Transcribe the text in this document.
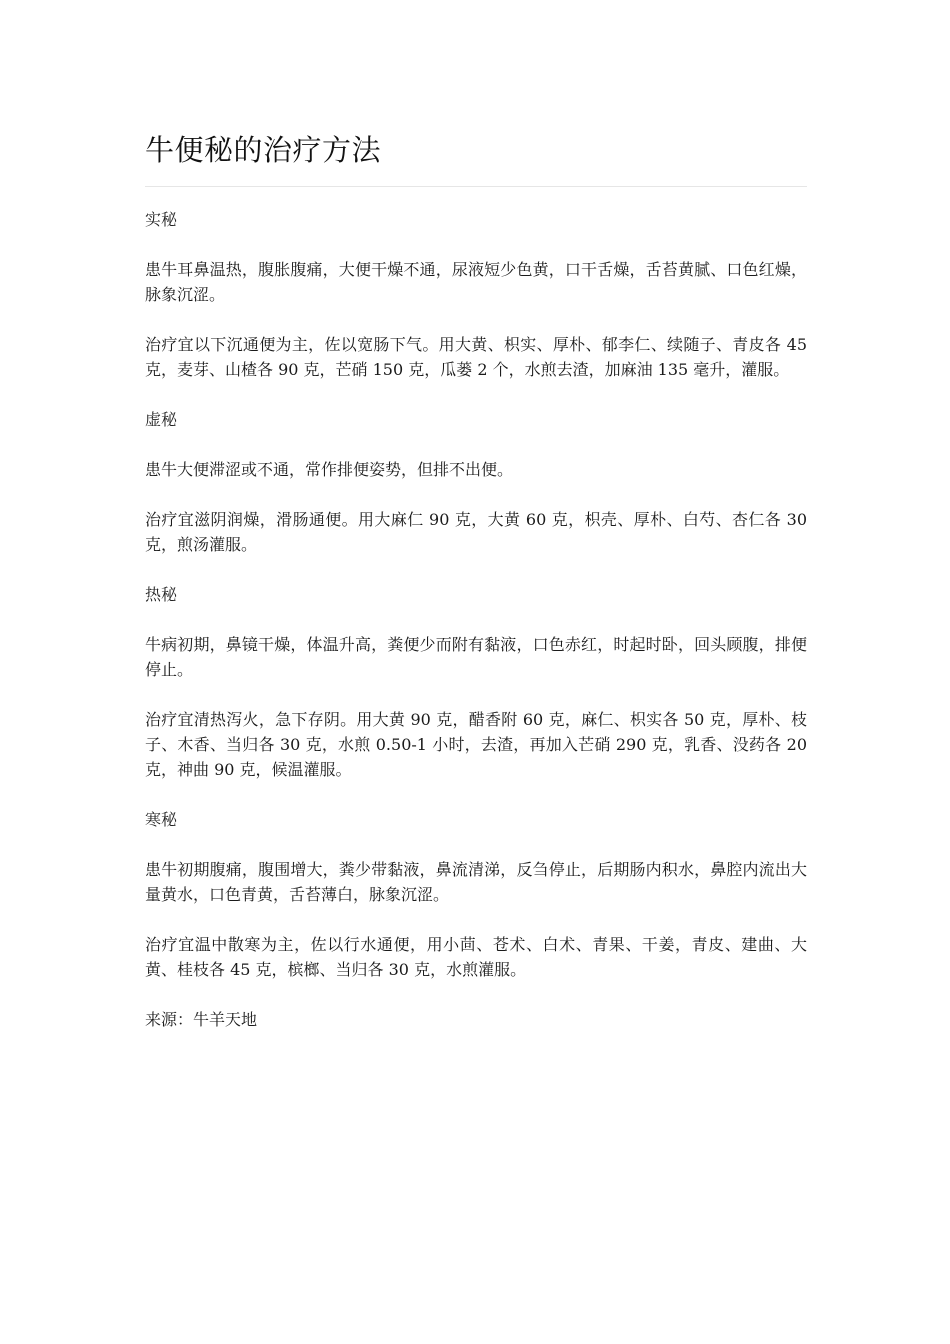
牛便秘的治疗方法

实秘

患牛耳鼻温热，腹胀腹痛，大便干燥不通，尿液短少色黄，口干舌燥，舌苔黄腻、口色红燥，脉象沉涩。

治疗宜以下沉通便为主，佐以宽肠下气。用大黄、枳实、厚朴、郁李仁、续随子、青皮各 45 克，麦芽、山楂各 90 克，芒硝 150 克，瓜蒌 2 个，水煎去渣，加麻油 135 毫升，灌服。

虚秘

患牛大便滞涩或不通，常作排便姿势，但排不出便。

治疗宜滋阴润燥，滑肠通便。用大麻仁 90 克，大黄 60 克，枳壳、厚朴、白芍、杏仁各 30 克，煎汤灌服。

热秘

牛病初期，鼻镜干燥，体温升高，粪便少而附有黏液，口色赤红，时起时卧，回头顾腹，排便停止。

治疗宜清热泻火，急下存阴。用大黄 90 克，醋香附 60 克，麻仁、枳实各 50 克，厚朴、枝子、木香、当归各 30 克，水煎 0.50-1 小时，去渣，再加入芒硝 290 克，乳香、没药各 20 克，神曲 90 克，候温灌服。

寒秘

患牛初期腹痛，腹围增大，粪少带黏液，鼻流清涕，反刍停止，后期肠内积水，鼻腔内流出大量黄水，口色青黄，舌苔薄白，脉象沉涩。

治疗宜温中散寒为主，佐以行水通便，用小茴、苍术、白术、青果、干姜，青皮、建曲、大黄、桂枝各 45 克，槟榔、当归各 30 克，水煎灌服。

来源：牛羊天地
